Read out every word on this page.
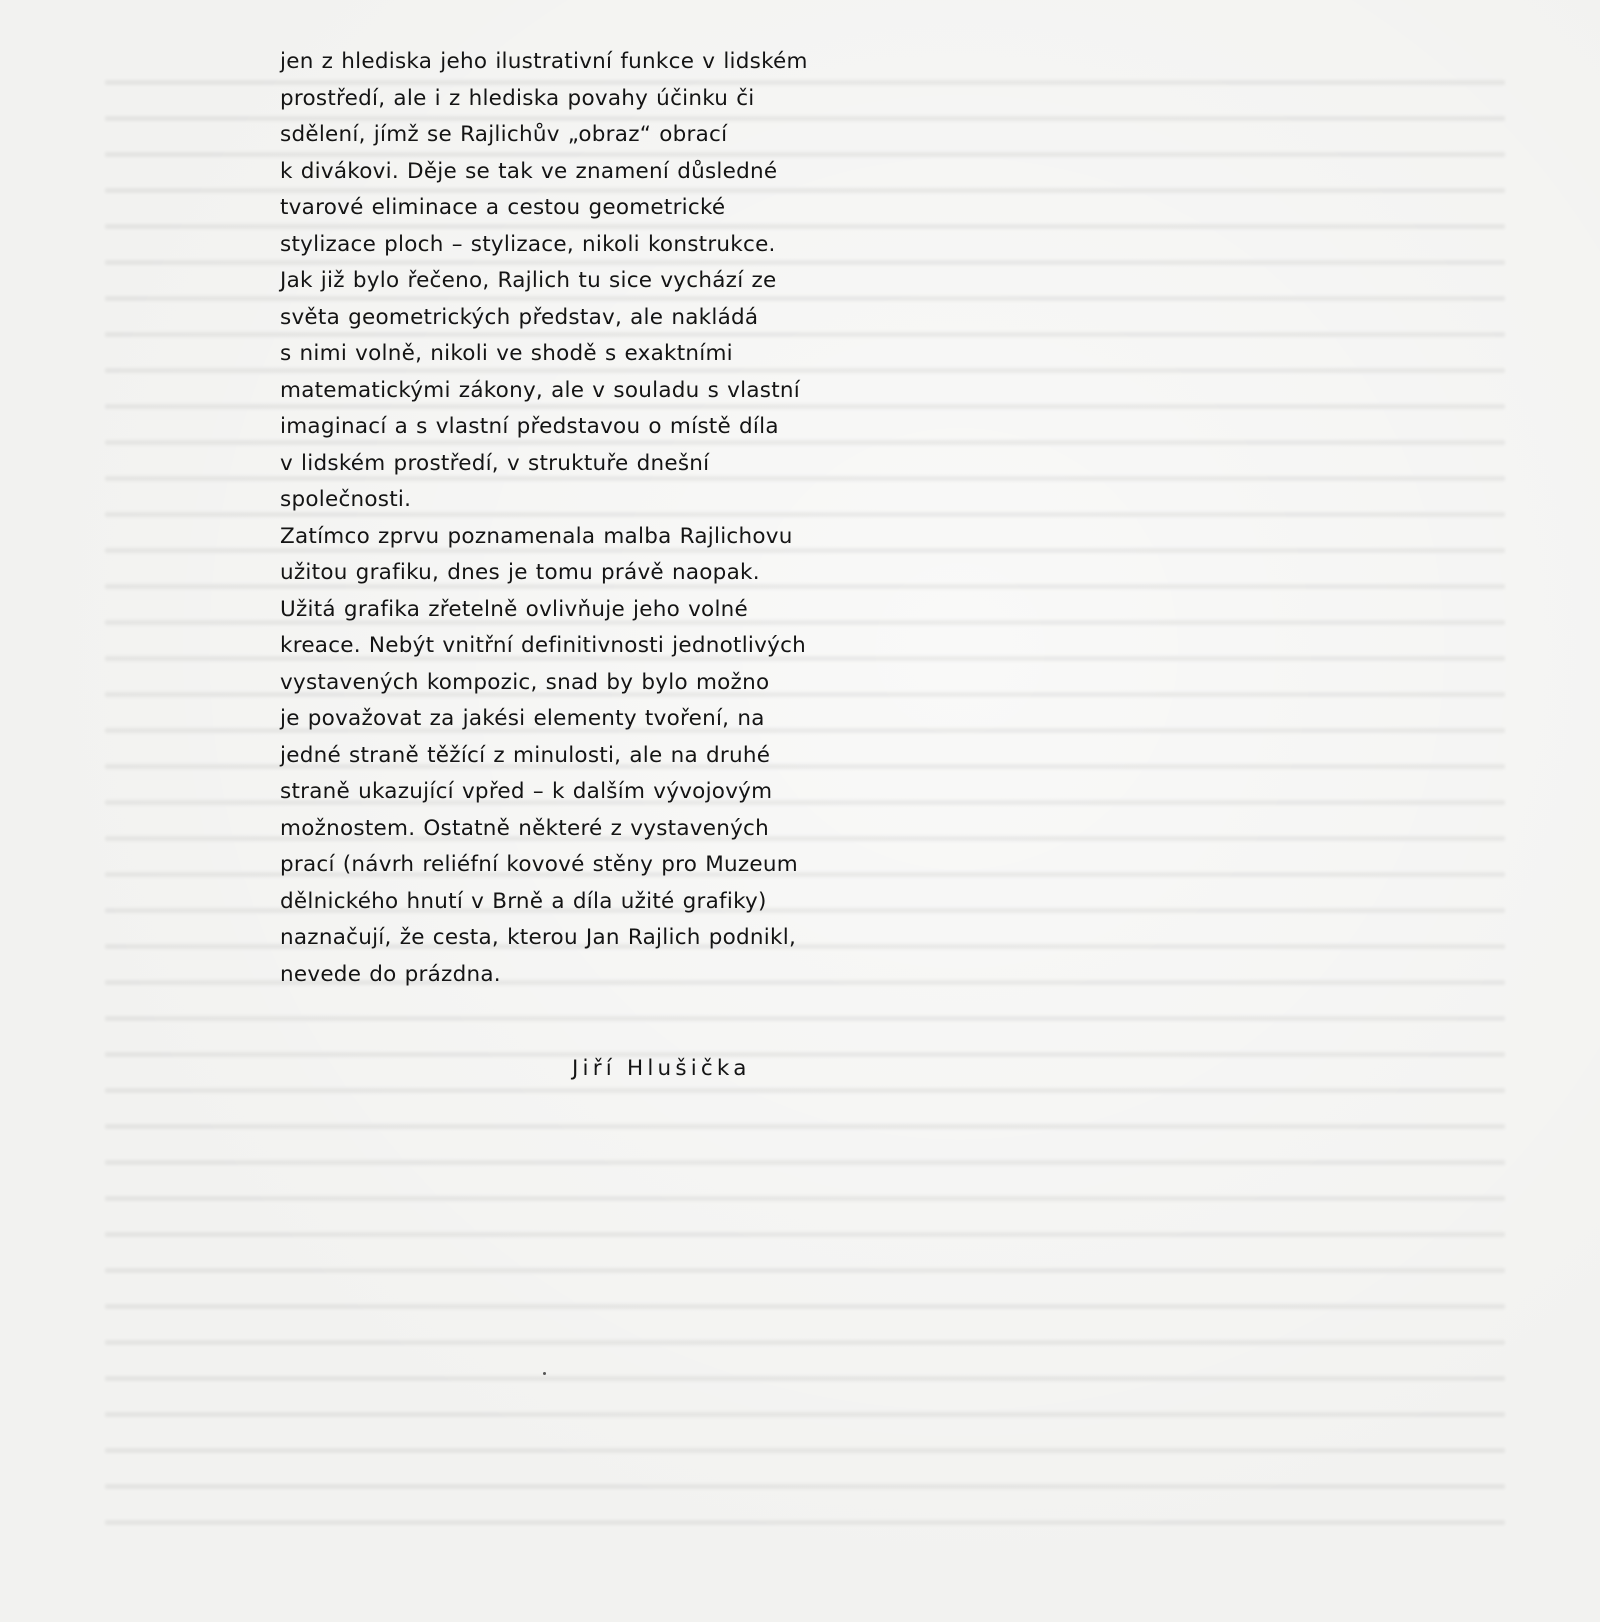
jen z hlediska jeho ilustrativní funkce v lidském
prostředí, ale i z hlediska povahy účinku či
sdělení, jímž se Rajlichův „obraz“ obrací
k divákovi. Děje se tak ve znamení důsledné
tvarové eliminace a cestou geometrické
stylizace ploch – stylizace, nikoli konstrukce.
Jak již bylo řečeno, Rajlich tu sice vychází ze
světa geometrických představ, ale nakládá
s nimi volně, nikoli ve shodě s exaktními
matematickými zákony, ale v souladu s vlastní
imaginací a s vlastní představou o místě díla
v lidském prostředí, v struktuře dnešní
společnosti.
Zatímco zprvu poznamenala malba Rajlichovu
užitou grafiku, dnes je tomu právě naopak.
Užitá grafika zřetelně ovlivňuje jeho volné
kreace. Nebýt vnitřní definitivnosti jednotlivých
vystavených kompozic, snad by bylo možno
je považovat za jakési elementy tvoření, na
jedné straně těžící z minulosti, ale na druhé
straně ukazující vpřed – k dalším vývojovým
možnostem. Ostatně některé z vystavených
prací (návrh reliéfní kovové stěny pro Muzeum
dělnického hnutí v Brně a díla užité grafiky)
naznačují, že cesta, kterou Jan Rajlich podnikl,
nevede do prázdna.
Jiří Hlušička
